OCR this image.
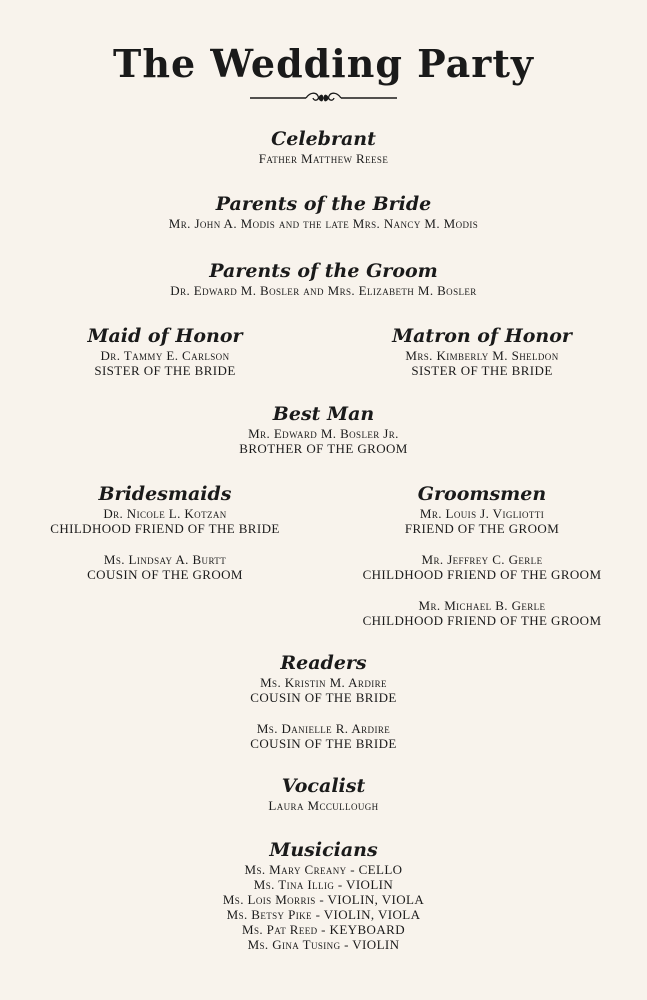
The Wedding Party
Celebrant
Father Matthew Reese
Parents of the Bride
Mr. John A. Modis and the late Mrs. Nancy M. Modis
Parents of the Groom
Dr. Edward M. Bosler and Mrs. Elizabeth M. Bosler
Maid of Honor
Dr. Tammy E. Carlson
SISTER OF THE BRIDE
Matron of Honor
Mrs. Kimberly M. Sheldon
SISTER OF THE BRIDE
Best Man
Mr. Edward M. Bosler Jr.
BROTHER OF THE GROOM
Bridesmaids
Dr. Nicole L. Kotzan
CHILDHOOD FRIEND OF THE BRIDE
Ms. Lindsay A. Burtt
COUSIN OF THE GROOM
Groomsmen
Mr. Louis J. Vigliotti
FRIEND OF THE GROOM
Mr. Jeffrey C. Gerle
CHILDHOOD FRIEND OF THE GROOM
Mr. Michael B. Gerle
CHILDHOOD FRIEND OF THE GROOM
Readers
Ms. Kristin M. Ardire
COUSIN OF THE BRIDE
Ms. Danielle R. Ardire
COUSIN OF THE BRIDE
Vocalist
Laura Mccullough
Musicians
Ms. Mary Creany - CELLO
Ms. Tina Illig - VIOLIN
Ms. Lois Morris - VIOLIN, VIOLA
Ms. Betsy Pike - VIOLIN, VIOLA
Ms. Pat Reed - KEYBOARD
Ms. Gina Tusing - VIOLIN
